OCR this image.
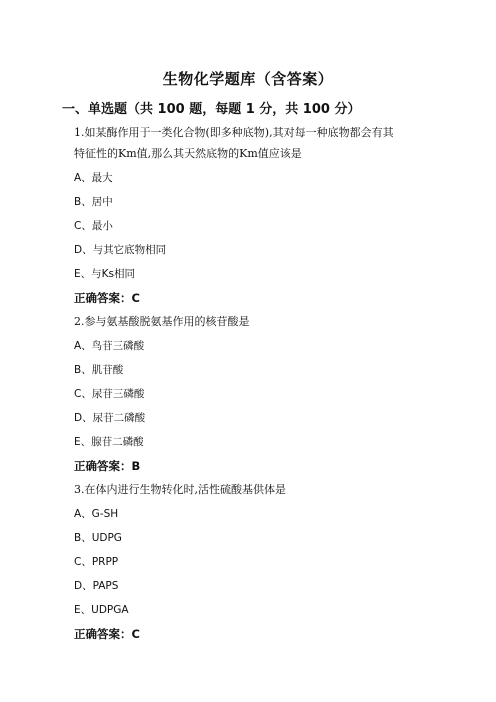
生物化学题库（含答案）
一、单选题（共 100 题，每题 1 分，共 100 分）

1.如某酶作用于一类化合物(即多种底物),其对每一种底物都会有其

特征性的Km值,那么其天然底物的Km值应该是

A、最大

B、居中

C、最小

D、与其它底物相同

E、与Ks相同

正确答案：C

2.参与氨基酸脱氨基作用的核苷酸是

A、鸟苷三磷酸

B、肌苷酸

C、尿苷三磷酸

D、尿苷二磷酸

E、腺苷二磷酸

正确答案：B

3.在体内进行生物转化时,活性硫酸基供体是

A、G-SH

B、UDPG

C、PRPP

D、PAPS

E、UDPGA

正确答案：C
